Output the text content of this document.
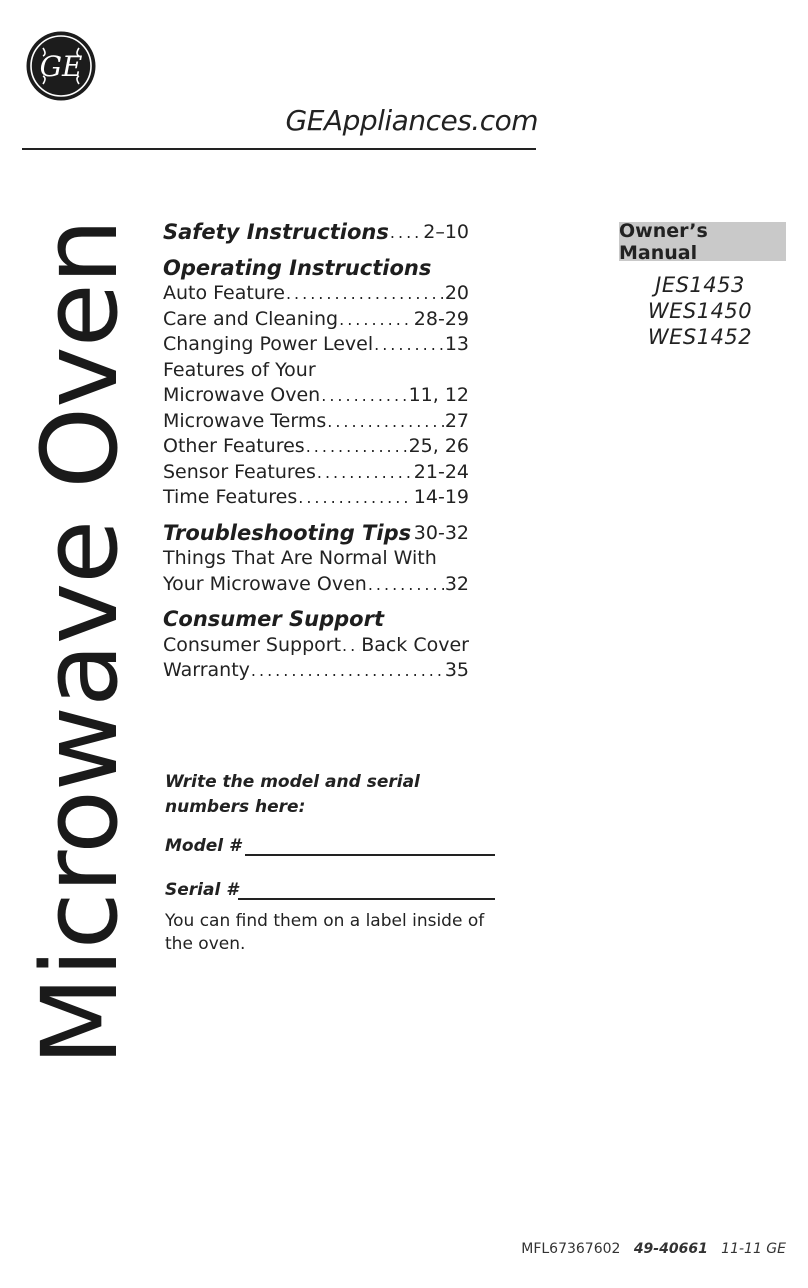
GE
GEAppliances.com
Microwave Oven Safety Instructions ..... 2–10
Operating Instructions
Auto Feature .....	20
Care and Cleaning .....	28-29
Changing Power Level .....	13
Features of Your
Microwave Oven .....	11, 12
Microwave Terms .....	27
Other Features .....	25, 26
Sensor Features .....	21-24
Time Features .....	14-19
Troubleshooting Tips ..... 30-32
Things That Are Normal With
Your Microwave Oven .....	32
Consumer Support
Consumer Support ..... Back Cover
Warranty .....	35
Owner’s Manual
JES1453
WES1450
WES1452
Write the model and serial numbers here:
Model #
Serial #
You can find them on a label inside of the oven.
MFL67367602 49-40661 11-11 GE
